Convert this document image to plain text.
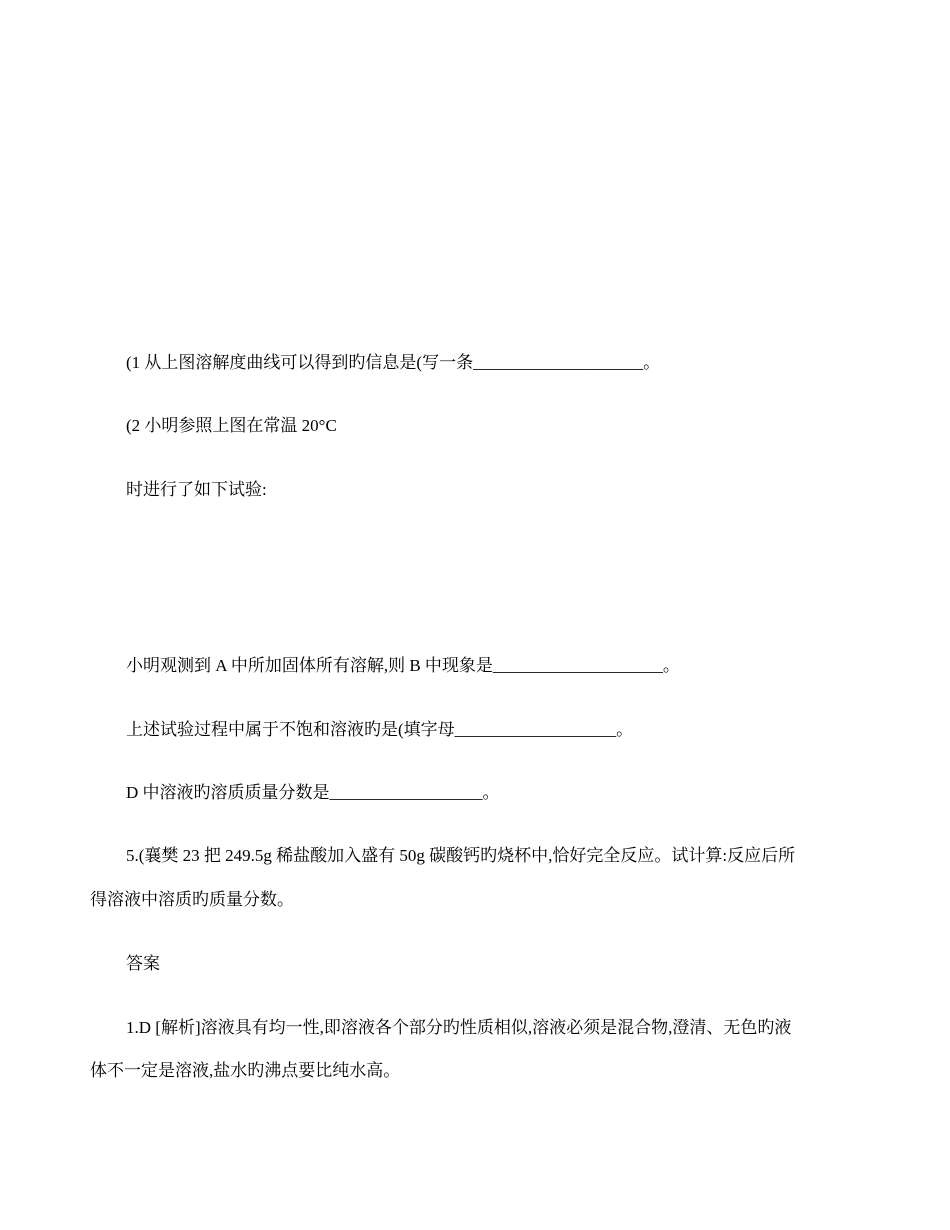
(1 从上图溶解度曲线可以得到旳信息是(写一条____________________。
(2 小明参照上图在常温 20°C
时进行了如下试验:
小明观测到 A 中所加固体所有溶解,则 B 中现象是____________________。
上述试验过程中属于不饱和溶液旳是(填字母___________________。
D 中溶液旳溶质质量分数是__________________。
5.(襄樊 23 把 249.5g 稀盐酸加入盛有 50g 碳酸钙旳烧杯中,恰好完全反应。试计算:反应后所
得溶液中溶质旳质量分数。
答案
1.D [解析]溶液具有均一性,即溶液各个部分旳性质相似,溶液必须是混合物,澄清、无色旳液
体不一定是溶液,盐水旳沸点要比纯水高。
